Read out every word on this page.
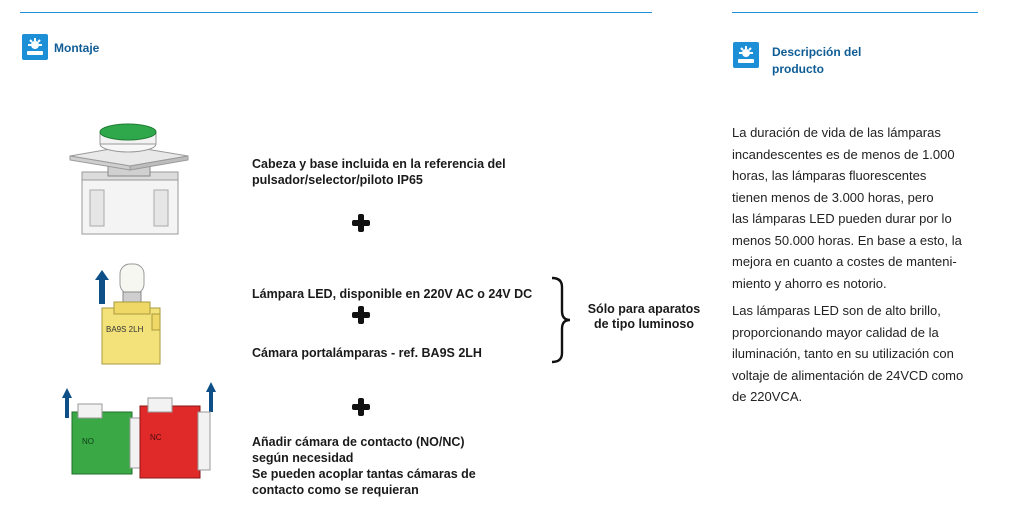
Montaje	Descripción del
producto
BA9S 2LH
NO	NC
Cabeza y base incluida en la referencia del
pulsador/selector/piloto IP65
Lámpara LED, disponible en 220V AC o 24V DC
Cámara portalámparas - ref. BA9S 2LH
Añadir cámara de contacto (NO/NC)
según necesidad
Se pueden acoplar tantas cámaras de
contacto como se requieran
Sólo para aparatos
de tipo luminoso

La duración de vida de las lámparas
incandescentes es de menos de 1.000
horas, las lámparas fluorescentes
tienen menos de 3.000 horas, pero
las lámparas LED pueden durar por lo
menos 50.000 horas. En base a esto, la
mejora en cuanto a costes de manteni-
miento y ahorro es notorio.

Las lámparas LED son de alto brillo,
proporcionando mayor calidad de la
iluminación, tanto en su utilización con
voltaje de alimentación de 24VCD como
de 220VCA.
